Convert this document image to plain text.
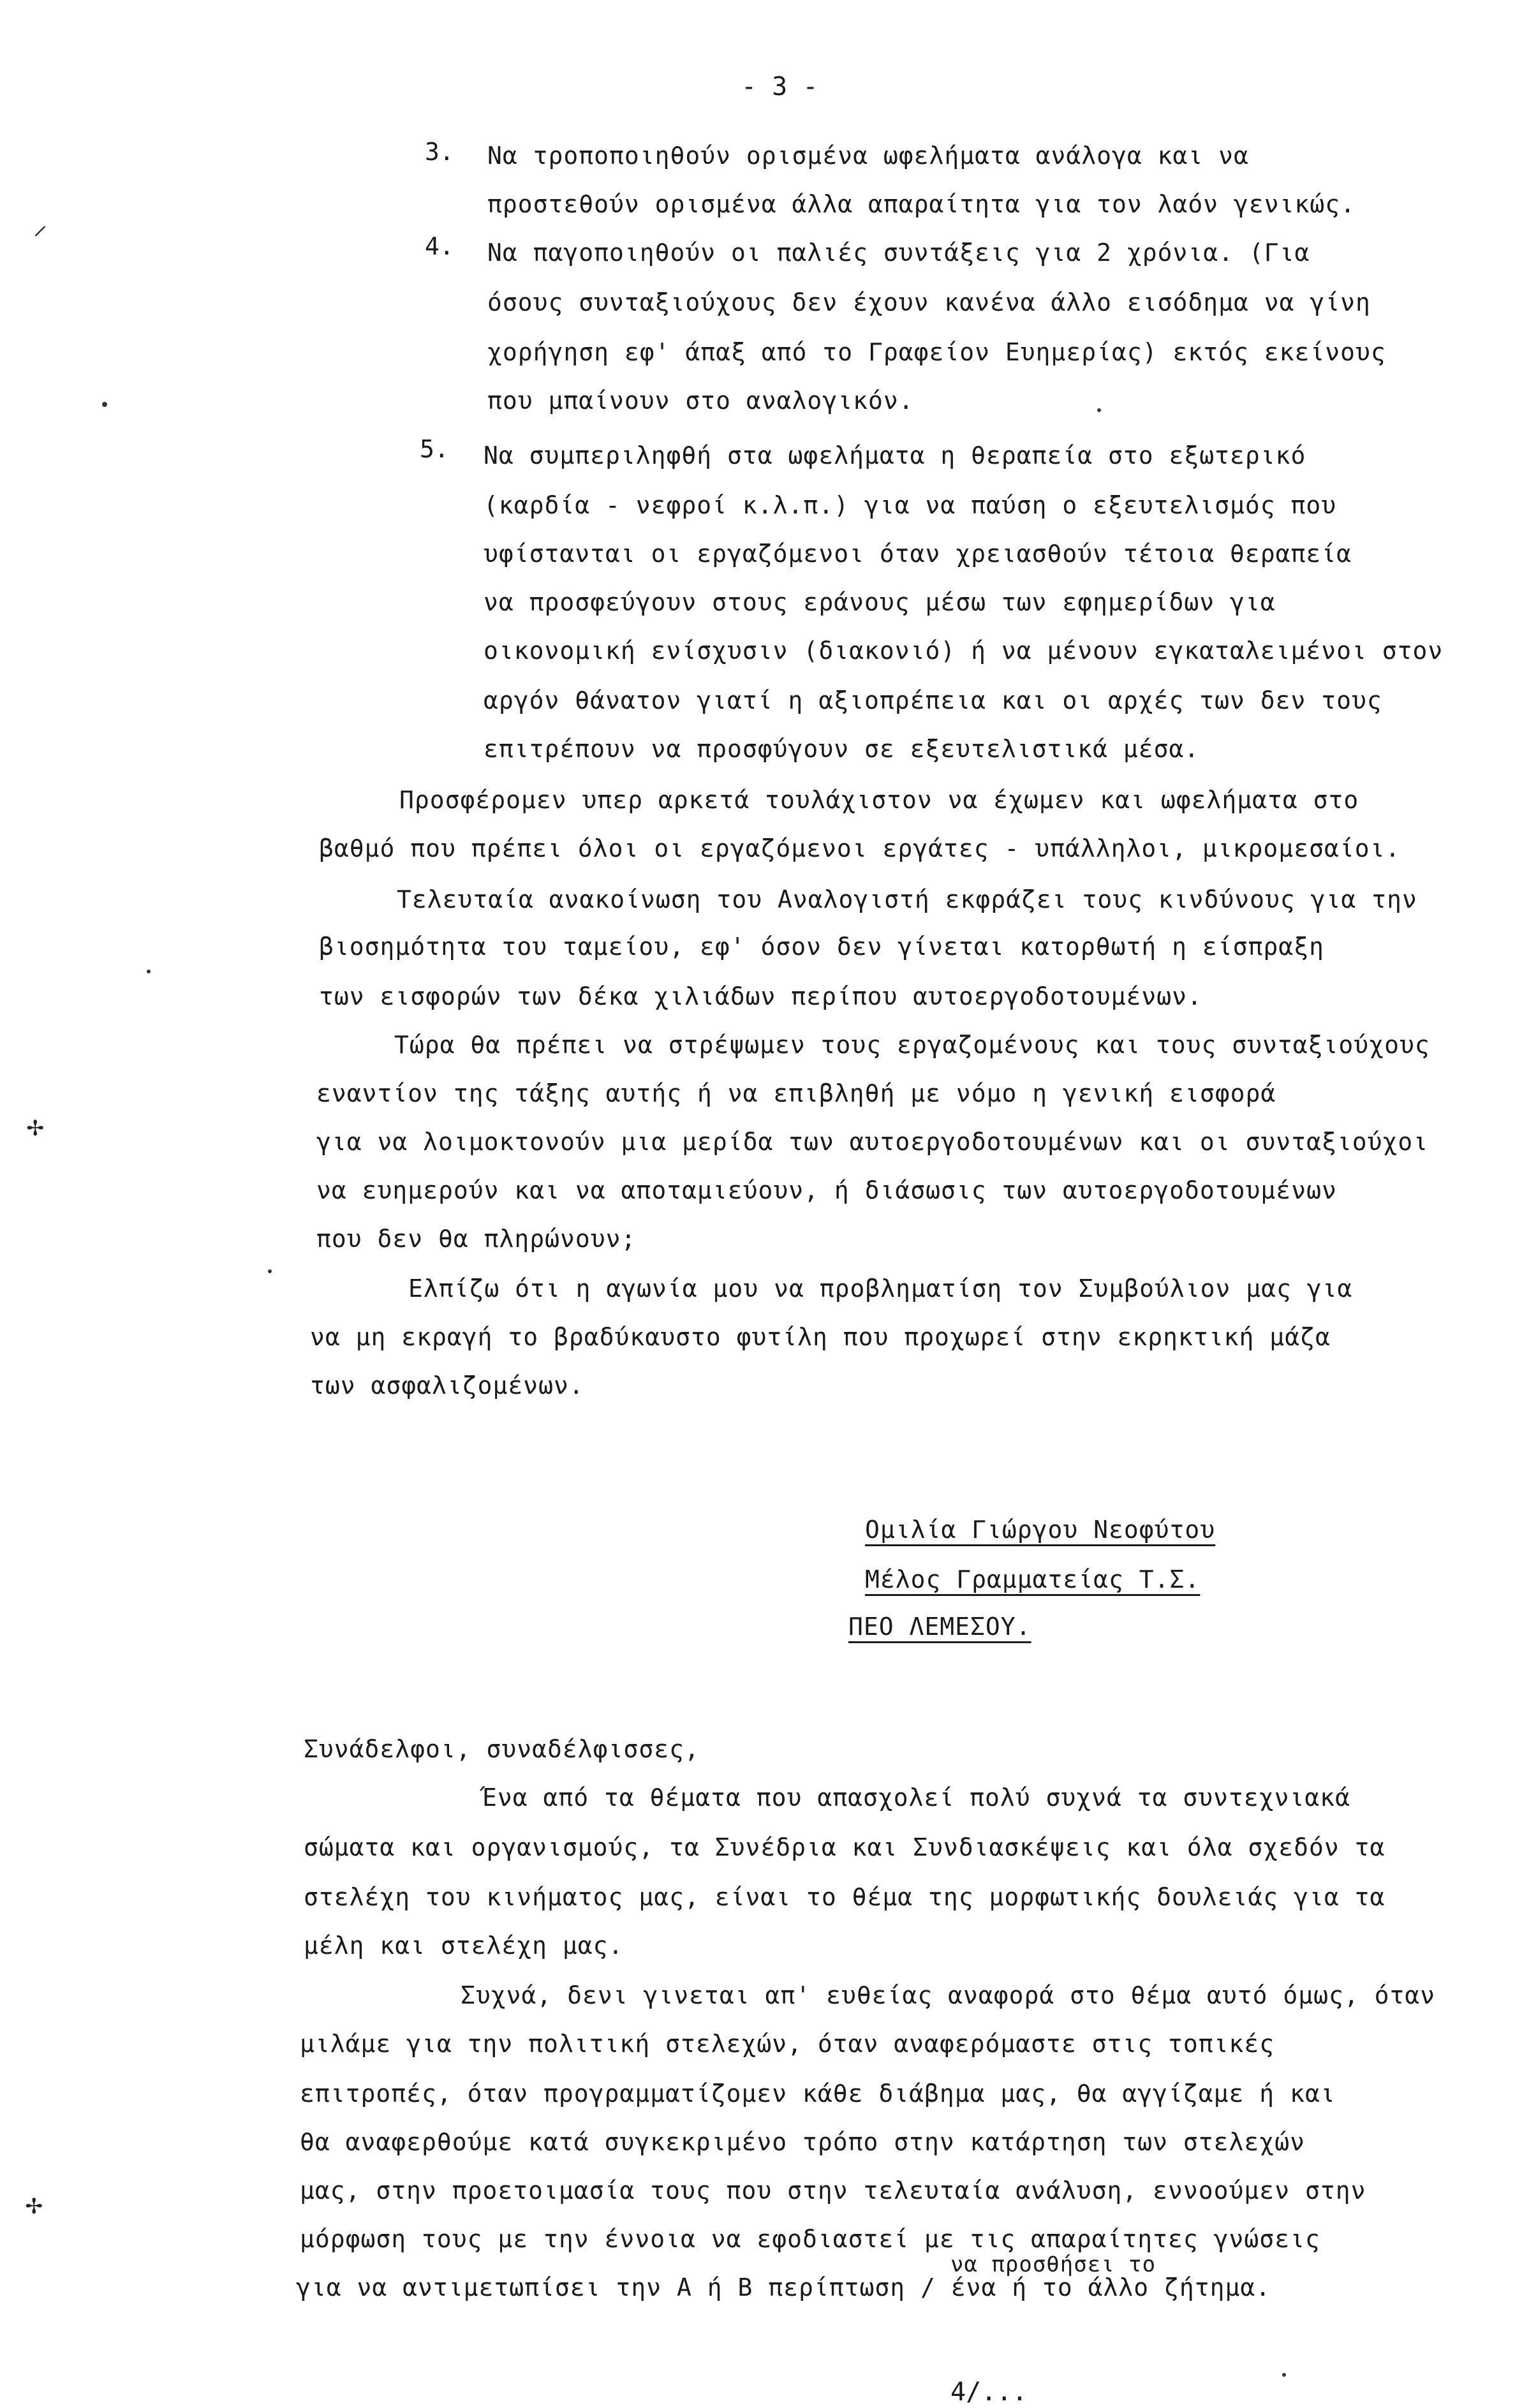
- 3 -
3. Να τροποποιηθούν ορισμένα ωφελήματα ανάλογα και να
προστεθούν ορισμένα άλλα απαραίτητα για τον λαόν γενικώς.
4. Να παγοποιηθούν οι παλιές συντάξεις για 2 χρόνια. (Για
όσους συνταξιούχους δεν έχουν κανένα άλλο εισόδημα να γίνη
χορήγηση εφ' άπαξ από το Γραφείον Ευημερίας) εκτός εκείνους
που μπαίνουν στο αναλογικόν.
5. Να συμπεριληφθή στα ωφελήματα η θεραπεία στο εξωτερικό
(καρδία - νεφροί κ.λ.π.) για να παύση ο εξευτελισμός που
υφίστανται οι εργαζόμενοι όταν χρειασθούν τέτοια θεραπεία
να προσφεύγουν στους εράνους μέσω των εφημερίδων για
οικονομική ενίσχυσιν (διακονιό) ή να μένουν εγκαταλειμένοι στον
αργόν θάνατον γιατί η αξιοπρέπεια και οι αρχές των δεν τους
επιτρέπουν να προσφύγουν σε εξευτελιστικά μέσα.
Προσφέρομεν υπερ αρκετά τουλάχιστον να έχωμεν και ωφελήματα στο
βαθμό που πρέπει όλοι οι εργαζόμενοι εργάτες - υπάλληλοι, μικρομεσαίοι.
Τελευταία ανακοίνωση του Αναλογιστή εκφράζει τους κινδύνους για την
βιοσημότητα του ταμείου, εφ' όσον δεν γίνεται κατορθωτή η είσπραξη
των εισφορών των δέκα χιλιάδων περίπου αυτοεργοδοτουμένων.
Τώρα θα πρέπει να στρέψωμεν τους εργαζομένους και τους συνταξιούχους
εναντίον της τάξης αυτής ή να επιβληθή με νόμο η γενική εισφορά
για να λοιμοκτονούν μια μερίδα των αυτοεργοδοτουμένων και οι συνταξιούχοι
να ευημερούν και να αποταμιεύουν, ή διάσωσις των αυτοεργοδοτουμένων
που δεν θα πληρώνουν;
Ελπίζω ότι η αγωνία μου να προβληματίση τον Συμβούλιον μας για
να μη εκραγή το βραδύκαυστο φυτίλη που προχωρεί στην εκρηκτική μάζα
των ασφαλιζομένων.
Ομιλία Γιώργου Νεοφύτου
Μέλος Γραμματείας Τ.Σ.
ΠΕΟ ΛΕΜΕΣΟΥ.
Συνάδελφοι, συναδέλφισσες,
Ένα από τα θέματα που απασχολεί πολύ συχνά τα συντεχνιακά
σώματα και οργανισμούς, τα Συνέδρια και Συνδιασκέψεις και όλα σχεδόν τα
στελέχη του κινήματος μας, είναι το θέμα της μορφωτικής δουλειάς για τα
μέλη και στελέχη μας.
Συχνά, δενι γινεται απ' ευθείας αναφορά στο θέμα αυτό όμως, όταν
μιλάμε για την πολιτική στελεχών, όταν αναφερόμαστε στις τοπικές
επιτροπές, όταν προγραμματίζομεν κάθε διάβημα μας, θα αγγίζαμε ή και
θα αναφερθούμε κατά συγκεκριμένο τρόπο στην κατάρτηση των στελεχών
μας, στην προετοιμασία τους που στην τελευταία ανάλυση, εννοούμεν στην
μόρφωση τους με την έννοια να εφοδιαστεί με τις απαραίτητες γνώσεις
να προσθήσει το
για να αντιμετωπίσει την Α ή Β περίπτωση / ένα ή το άλλο ζήτημα.
4/...
⸝
✢
✢
